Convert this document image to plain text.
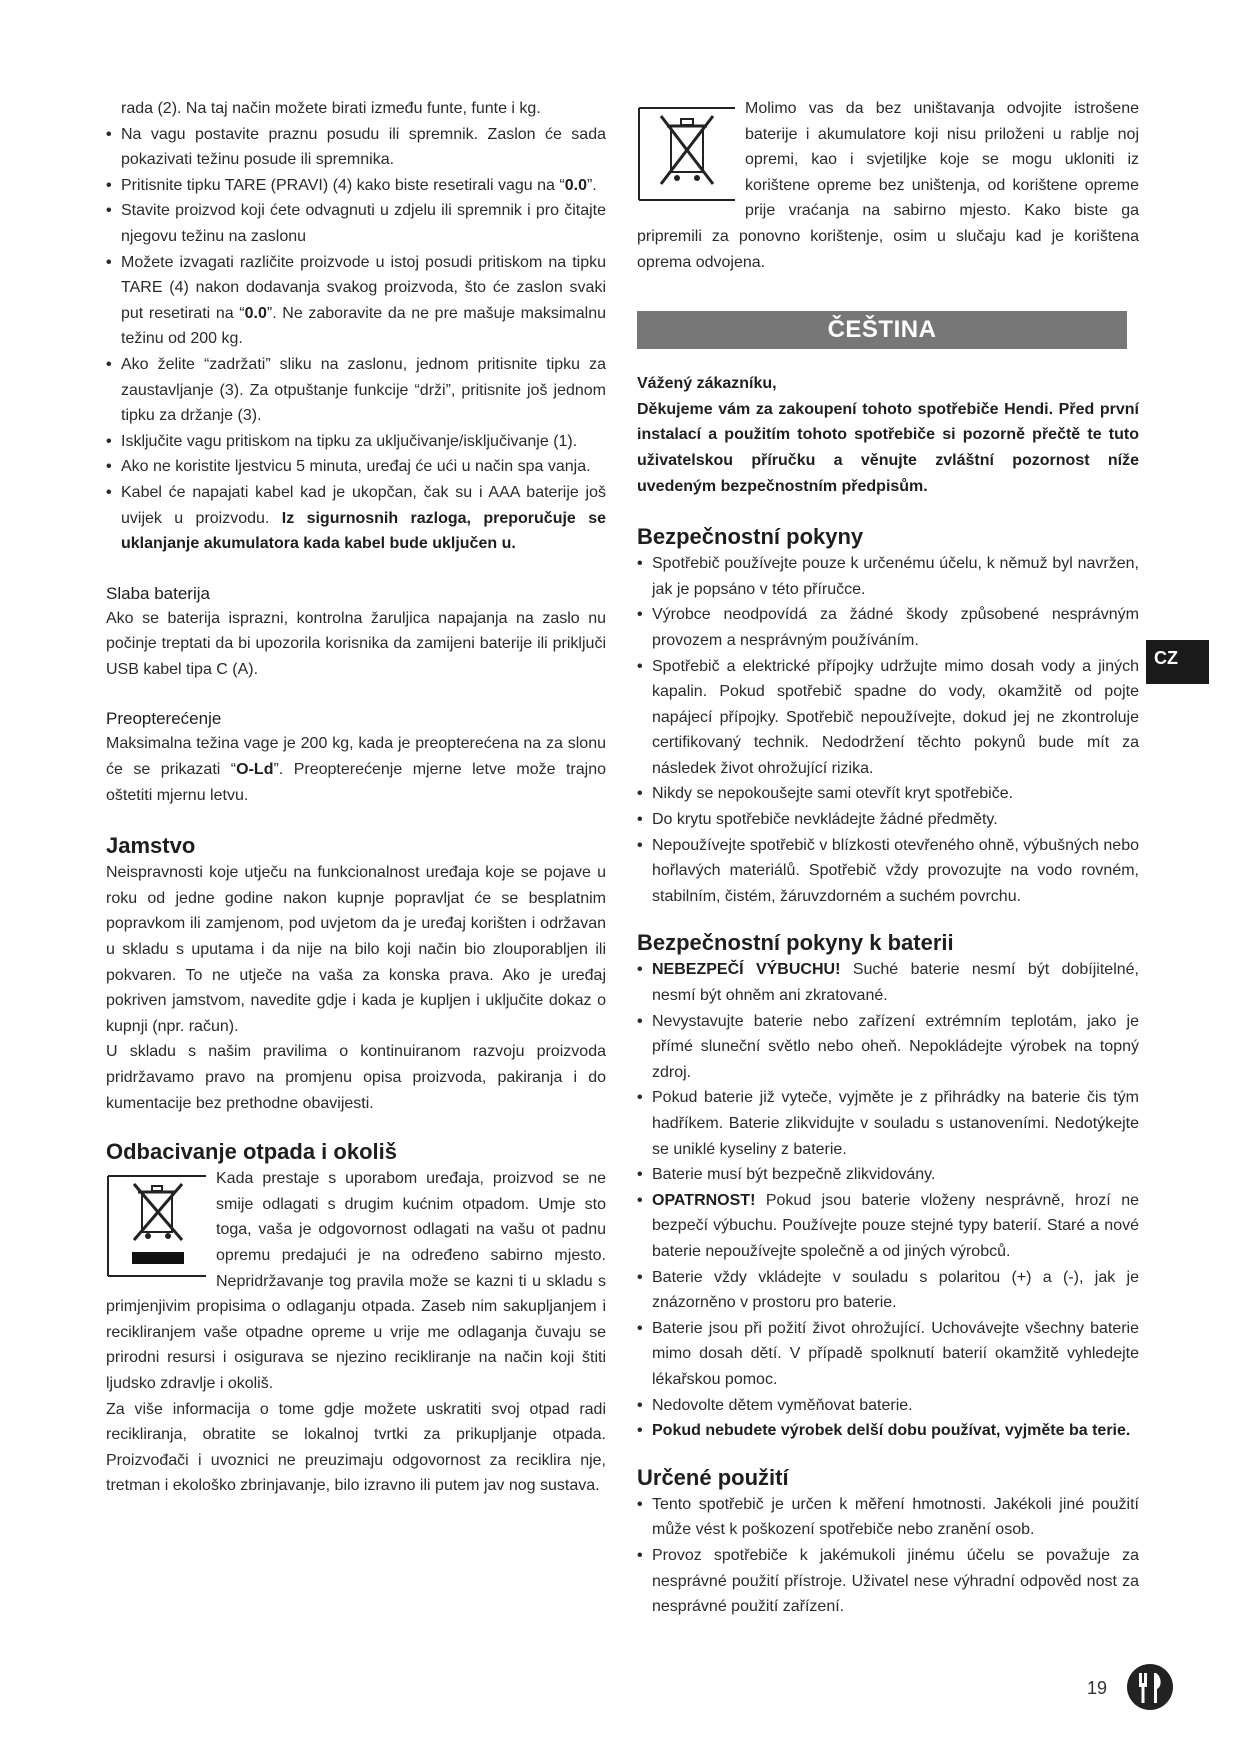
rada (2). Na taj način možete birati između funte, funte i kg.
• Na vagu postavite praznu posudu ili spremnik. Zaslon će sada pokazivati težinu posude ili spremnika.
• Pritisnite tipku TARE (PRAVI) (4) kako biste resetirali vagu na “0.0”.
• Stavite proizvod koji ćete odvagnuti u zdjelu ili spremnik i pro čitajte njegovu težinu na zaslonu
• Možete izvagati različite proizvode u istoj posudi pritiskom na tipku TARE (4) nakon dodavanja svakog proizvoda, što će zaslon svaki put resetirati na “0.0”. Ne zaboravite da ne pre mašuje maksimalnu težinu od 200 kg.
• Ako želite “zadržati” sliku na zaslonu, jednom pritisnite tipku za zaustavljanje (3). Za otpuštanje funkcije “drži”, pritisnite još jednom tipku za držanje (3).
• Isključite vagu pritiskom na tipku za uključivanje/isključivanje (1).
• Ako ne koristite ljestvicu 5 minuta, uređaj će ući u način spa vanja.
• Kabel će napajati kabel kad je ukopčan, čak su i AAA baterije još uvijek u proizvodu. Iz sigurnosnih razloga, preporučuje se uklanjanje akumulatora kada kabel bude uključen u.
Slaba baterija

Ako se baterija isprazni, kontrolna žaruljica napajanja na zaslo nu počinje treptati da bi upozorila korisnika da zamijeni baterije ili priključi USB kabel tipa C (A).

Preopterećenje

Maksimalna težina vage je 200 kg, kada je preopterećena na za slonu će se prikazati “O-Ld”. Preopterećenje mjerne letve može trajno oštetiti mjernu letvu.

Jamstvo

Neispravnosti koje utječu na funkcionalnost uređaja koje se pojave u roku od jedne godine nakon kupnje popravljat će se besplatnim popravkom ili zamjenom, pod uvjetom da je uređaj korišten i održavan u skladu s uputama i da nije na bilo koji način bio zlouporabljen ili pokvaren. To ne utječe na vaša za konska prava. Ako je uređaj pokriven jamstvom, navedite gdje i kada je kupljen i uključite dokaz o kupnji (npr. račun).

U skladu s našim pravilima o kontinuiranom razvoju proizvoda pridržavamo pravo na promjenu opisa proizvoda, pakiranja i do kumentacije bez prethodne obavijesti.

Odbacivanje otpada i okoliš

Kada prestaje s uporabom uređaja, proizvod se ne smije odlagati s drugim kućnim otpadom. Umje sto toga, vaša je odgovornost odlagati na vašu ot padnu opremu predajući je na određeno sabirno mjesto. Nepridržavanje tog pravila može se kazni ti u skladu s primjenjivim propisima o odlaganju otpada. Zaseb nim sakupljanjem i recikliranjem vaše otpadne opreme u vrije me odlaganja čuvaju se prirodni resursi i osigurava se njezino recikliranje na način koji štiti ljudsko zdravlje i okoliš.

Za više informacija o tome gdje možete uskratiti svoj otpad radi recikliranja, obratite se lokalnoj tvrtki za prikupljanje otpada. Proizvođači i uvoznici ne preuzimaju odgovornost za reciklira nje, tretman i ekološko zbrinjavanje, bilo izravno ili putem jav nog sustava.

Molimo vas da bez uništavanja odvojite istrošene baterije i akumulatore koji nisu priloženi u rablje noj opremi, kao i svjetiljke koje se mogu ukloniti iz korištene opreme bez uništenja, od korištene opreme prije vraćanja na sabirno mjesto. Kako biste ga pripremili za ponovno korištenje, osim u slučaju kad je korištena oprema odvojena.

ČEŠTINA

Vážený zákazníku,
Děkujeme vám za zakoupení tohoto spotřebiče Hendi. Před první instalací a použitím tohoto spotřebiče si pozorně přečtě te tuto uživatelskou příručku a věnujte zvláštní pozornost níže uvedeným bezpečnostním předpisům.

Bezpečnostní pokyny
• Spotřebič používejte pouze k určenému účelu, k němuž byl navržen, jak je popsáno v této příručce.
• Výrobce neodpovídá za žádné škody způsobené nesprávným provozem a nesprávným používáním.
• Spotřebič a elektrické přípojky udržujte mimo dosah vody a jiných kapalin. Pokud spotřebič spadne do vody, okamžitě od pojte napájecí přípojky. Spotřebič nepoužívejte, dokud jej ne zkontroluje certifikovaný technik. Nedodržení těchto pokynů bude mít za následek život ohrožující rizika.
• Nikdy se nepokoušejte sami otevřít kryt spotřebiče.
• Do krytu spotřebiče nevkládejte žádné předměty.
• Nepoužívejte spotřebič v blízkosti otevřeného ohně, výbušných nebo hořlavých materiálů. Spotřebič vždy provozujte na vodo rovném, stabilním, čistém, žáruvzdorném a suchém povrchu.
Bezpečnostní pokyny k baterii
• NEBEZPEČÍ VÝBUCHU! Suché baterie nesmí být dobíjitelné, nesmí být ohněm ani zkratované.
• Nevystavujte baterie nebo zařízení extrémním teplotám, jako je přímé sluneční světlo nebo oheň. Nepokládejte výrobek na topný zdroj.
• Pokud baterie již vyteče, vyjměte je z přihrádky na baterie čis tým hadříkem. Baterie zlikvidujte v souladu s ustanoveními. Nedotýkejte se uniklé kyseliny z baterie.
• Baterie musí být bezpečně zlikvidovány.
• OPATRNOST! Pokud jsou baterie vloženy nesprávně, hrozí ne bezpečí výbuchu. Používejte pouze stejné typy baterií. Staré a nové baterie nepoužívejte společně a od jiných výrobců.
• Baterie vždy vkládejte v souladu s polaritou (+) a (-), jak je znázorněno v prostoru pro baterie.
• Baterie jsou při požití život ohrožující. Uchovávejte všechny baterie mimo dosah dětí. V případě spolknutí baterií okamžitě vyhledejte lékařskou pomoc.
• Nedovolte dětem vyměňovat baterie.
• Pokud nebudete výrobek delší dobu používat, vyjměte ba terie.
Určené použití
• Tento spotřebič je určen k měření hmotnosti. Jakékoli jiné použití může vést k poškození spotřebiče nebo zranění osob.
• Provoz spotřebiče k jakémukoli jinému účelu se považuje za nesprávné použití přístroje. Uživatel nese výhradní odpověd nost za nesprávné použití zařízení.
CZ
19
